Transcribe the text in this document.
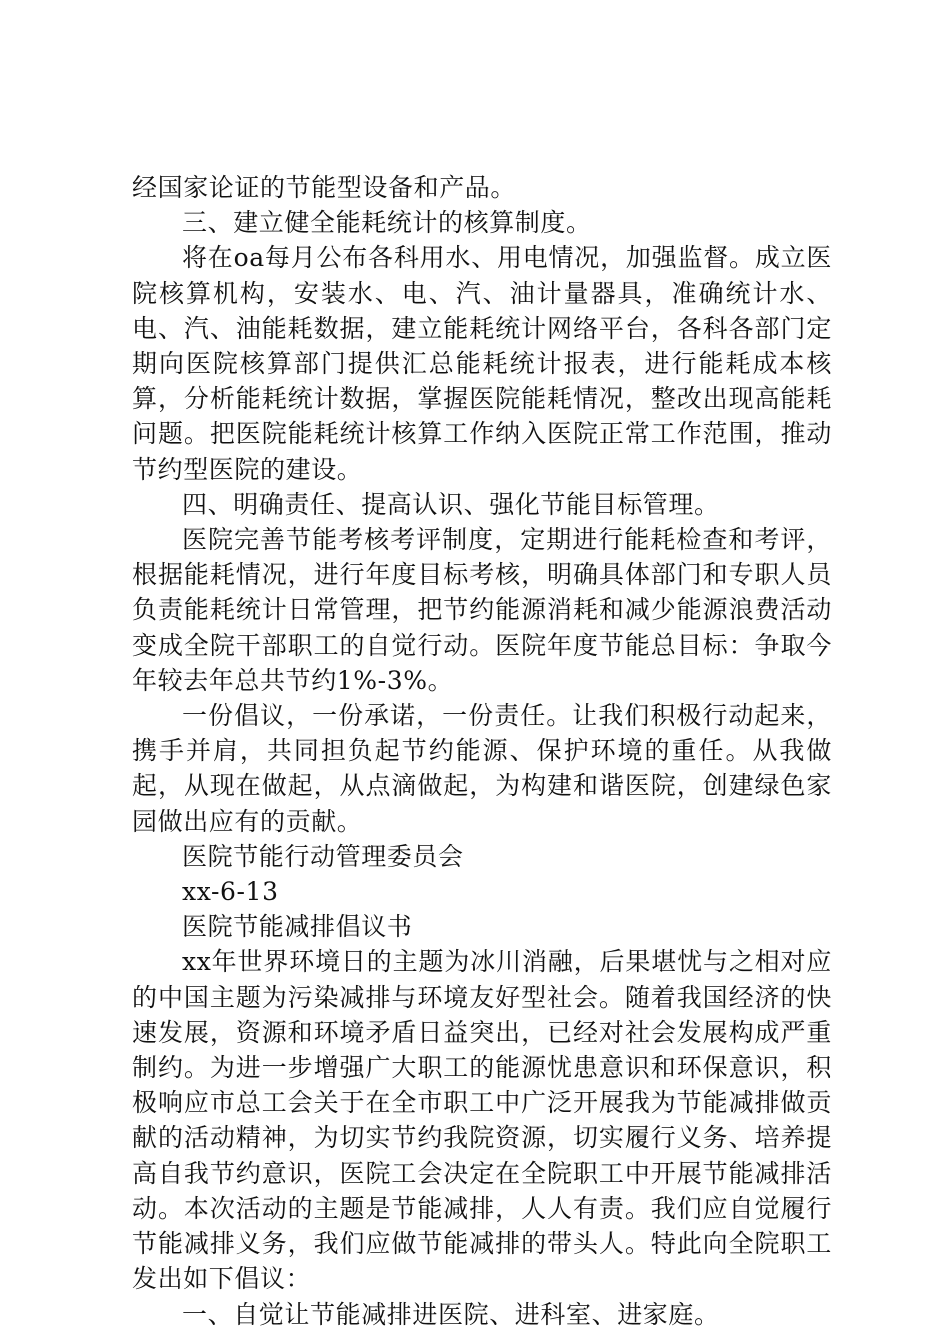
经国家论证的节能型设备和产品。

三、建立健全能耗统计的核算制度。

将在oa每月公布各科用水、用电情况，加强监督。成立医院核算机构，安装水、电、汽、油计量器具，准确统计水、电、汽、油能耗数据，建立能耗统计网络平台，各科各部门定期向医院核算部门提供汇总能耗统计报表，进行能耗成本核算，分析能耗统计数据，掌握医院能耗情况，整改出现高能耗问题。把医院能耗统计核算工作纳入医院正常工作范围，推动节约型医院的建设。

四、明确责任、提高认识、强化节能目标管理。

医院完善节能考核考评制度，定期进行能耗检查和考评，根据能耗情况，进行年度目标考核，明确具体部门和专职人员负责能耗统计日常管理，把节约能源消耗和减少能源浪费活动变成全院干部职工的自觉行动。医院年度节能总目标：争取今年较去年总共节约1%-3%。

一份倡议，一份承诺，一份责任。让我们积极行动起来，携手并肩，共同担负起节约能源、保护环境的重任。从我做起，从现在做起，从点滴做起，为构建和谐医院，创建绿色家园做出应有的贡献。

医院节能行动管理委员会

xx-6-13

医院节能减排倡议书

xx年世界环境日的主题为冰川消融，后果堪忧与之相对应的中国主题为污染减排与环境友好型社会。随着我国经济的快速发展，资源和环境矛盾日益突出，已经对社会发展构成严重制约。为进一步增强广大职工的能源忧患意识和环保意识，积极响应市总工会关于在全市职工中广泛开展我为节能减排做贡献的活动精神，为切实节约我院资源，切实履行义务、培养提高自我节约意识，医院工会决定在全院职工中开展节能减排活动。本次活动的主题是节能减排，人人有责。我们应自觉履行节能减排义务，我们应做节能减排的带头人。特此向全院职工发出如下倡议：

一、自觉让节能减排进医院、进科室、进家庭。
